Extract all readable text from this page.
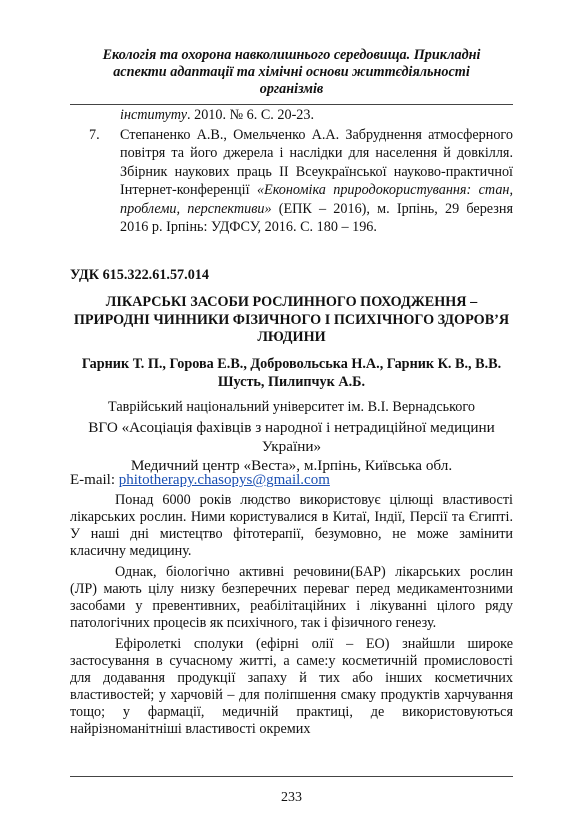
Екологія та охорона навколишнього середовища. Прикладні
аспекти адаптації та хімічні основи життєдіяльності
організмів
інституту. 2010. № 6. С. 20-23.
7. Степаненко А.В., Омельченко А.А. Забруднення атмосферного повітря та його джерела і наслідки для населення й довкілля. Збірник наукових праць II Всеукраїнської науково-практичної Інтернет-конференції «Економіка природокористування: стан, проблеми, перспективи» (ЕПК – 2016), м. Ірпінь, 29 березня 2016 р. Ірпінь: УДФСУ, 2016. С. 180 – 196.
УДК 615.322.61.57.014
ЛІКАРСЬКІ ЗАСОБИ РОСЛИННОГО ПОХОДЖЕННЯ – ПРИРОДНІ ЧИННИКИ ФІЗИЧНОГО І ПСИХІЧНОГО ЗДОРОВ’Я ЛЮДИНИ
Гарник Т. П., Горова Е.В., Добровольська Н.А., Гарник К. В., В.В. Шусть, Пилипчук А.Б.
Таврійський національний університет ім. В.І. Вернадського
ВГО «Асоціація фахівців з народної і нетрадиційної медицини України»
Медичний центр «Веста», м.Ірпінь, Київська обл.
E-mail: phitotherapy.chasopys@gmail.com

Понад 6000 років людство використовує цілющі властивості лікарських рослин. Ними користувалися в Китаї, Індії, Персії та Єгипті. У наші дні мистецтво фітотерапії, безумовно, не може замінити класичну медицину.

Однак, біологічно активні речовини(БАР) лікарських рослин (ЛР) мають цілу низку безперечних переваг перед медикаментозними засобами у превентивних, реабілітаційних і лікуванні цілого ряду патологічних процесів як психічного, так і фізичного генезу.

Ефіролеткі сполуки (ефірні олії – ЕО) знайшли широке застосування в сучасному житті, а саме:у косметичній промисловості для додавання продукції запаху й тих або інших косметичних властивостей; у харчовій – для поліпшення смаку продуктів харчування тощо; у фармації, медичній практиці, де використовуються найрізноманітніші властивості окремих

233
